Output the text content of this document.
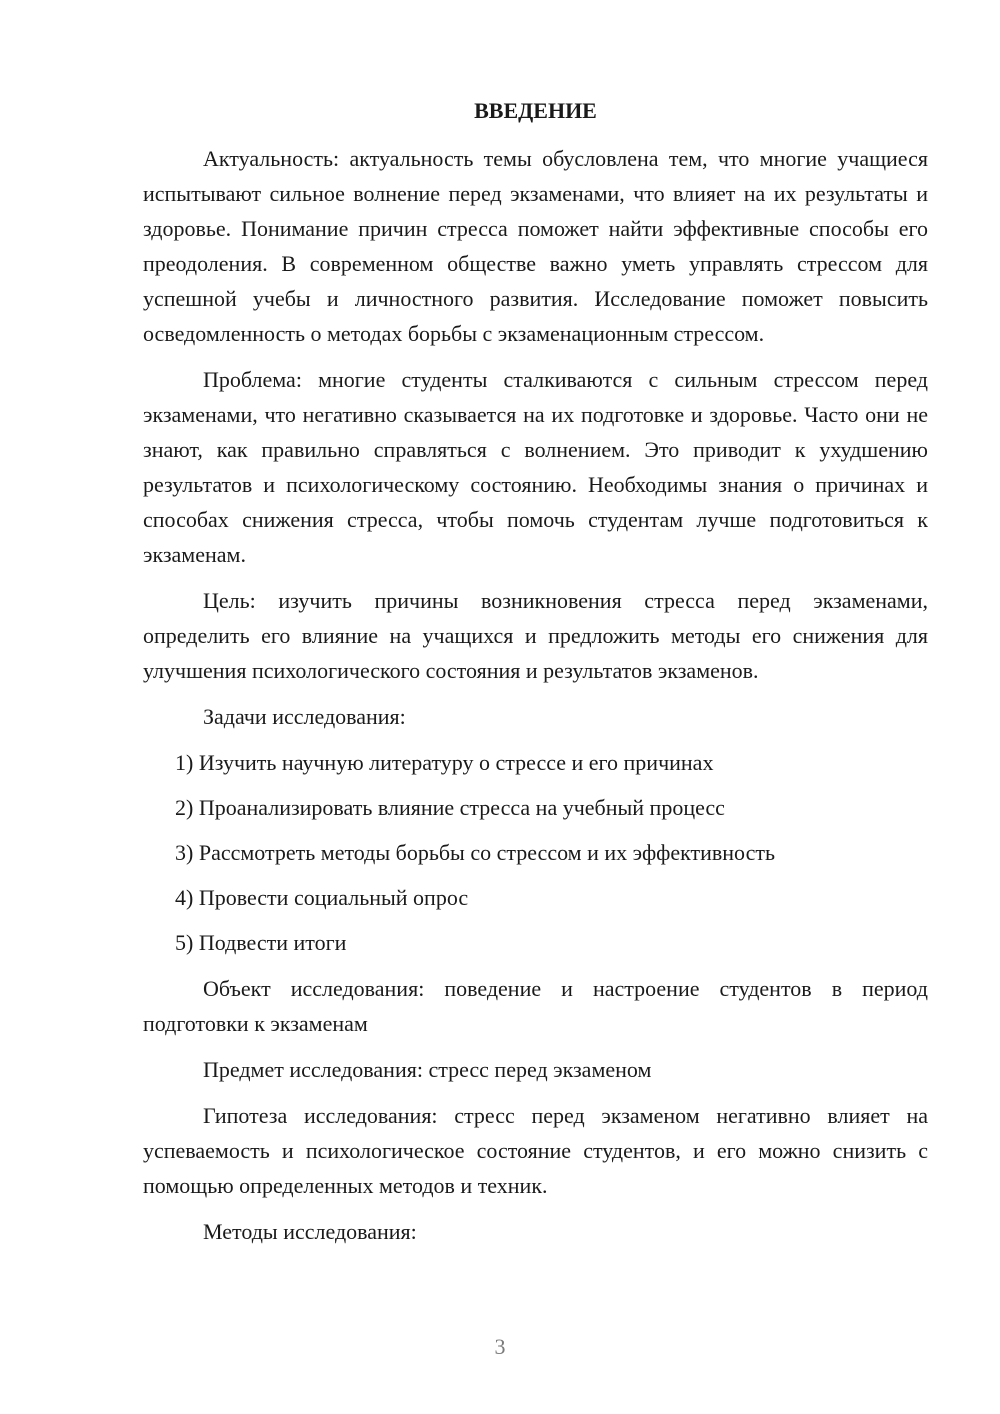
ВВЕДЕНИЕ

Актуальность: актуальность темы обусловлена тем, что многие учащиеся испытывают сильное волнение перед экзаменами, что влияет на их результаты и здоровье. Понимание причин стресса поможет найти эффективные способы его преодоления. В современном обществе важно уметь управлять стрессом для успешной учебы и личностного развития. Исследование поможет повысить осведомленность о методах борьбы с экзаменационным стрессом.

Проблема: многие студенты сталкиваются с сильным стрессом перед экзаменами, что негативно сказывается на их подготовке и здоровье. Часто они не знают, как правильно справляться с волнением. Это приводит к ухудшению результатов и психологическому состоянию. Необходимы знания о причинах и способах снижения стресса, чтобы помочь студентам лучше подготовиться к экзаменам.

Цель: изучить причины возникновения стресса перед экзаменами, определить его влияние на учащихся и предложить методы его снижения для улучшения психологического состояния и результатов экзаменов.

Задачи исследования:

1) Изучить научную литературу о стрессе и его причинах
2) Проанализировать влияние стресса на учебный процесс
3) Рассмотреть методы борьбы со стрессом и их эффективность
4) Провести социальный опрос
5) Подвести итоги

Объект исследования: поведение и настроение студентов в период подготовки к экзаменам

Предмет исследования: стресс перед экзаменом

Гипотеза исследования: стресс перед экзаменом негативно влияет на успеваемость и психологическое состояние студентов, и его можно снизить с помощью определенных методов и техник.

Методы исследования:

3
